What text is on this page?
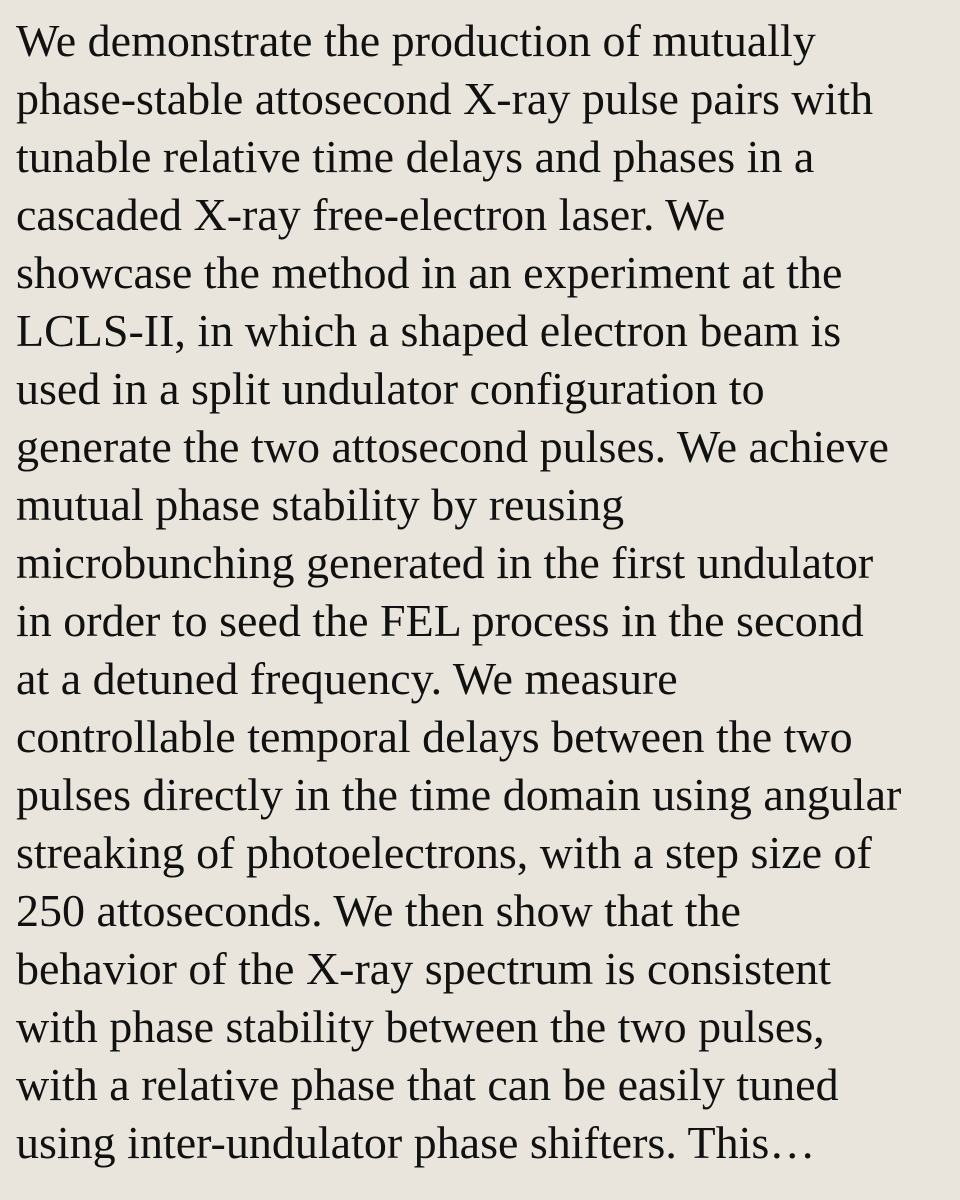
We demonstrate the production of mutually
phase-stable attosecond X-ray pulse pairs with
tunable relative time delays and phases in a
cascaded X-ray free-electron laser. We
showcase the method in an experiment at the
LCLS-II, in which a shaped electron beam is
used in a split undulator configuration to
generate the two attosecond pulses. We achieve
mutual phase stability by reusing
microbunching generated in the first undulator
in order to seed the FEL process in the second
at a detuned frequency. We measure
controllable temporal delays between the two
pulses directly in the time domain using angular
streaking of photoelectrons, with a step size of
250 attoseconds. We then show that the
behavior of the X-ray spectrum is consistent
with phase stability between the two pulses,
with a relative phase that can be easily tuned
using inter-undulator phase shifters. This…
